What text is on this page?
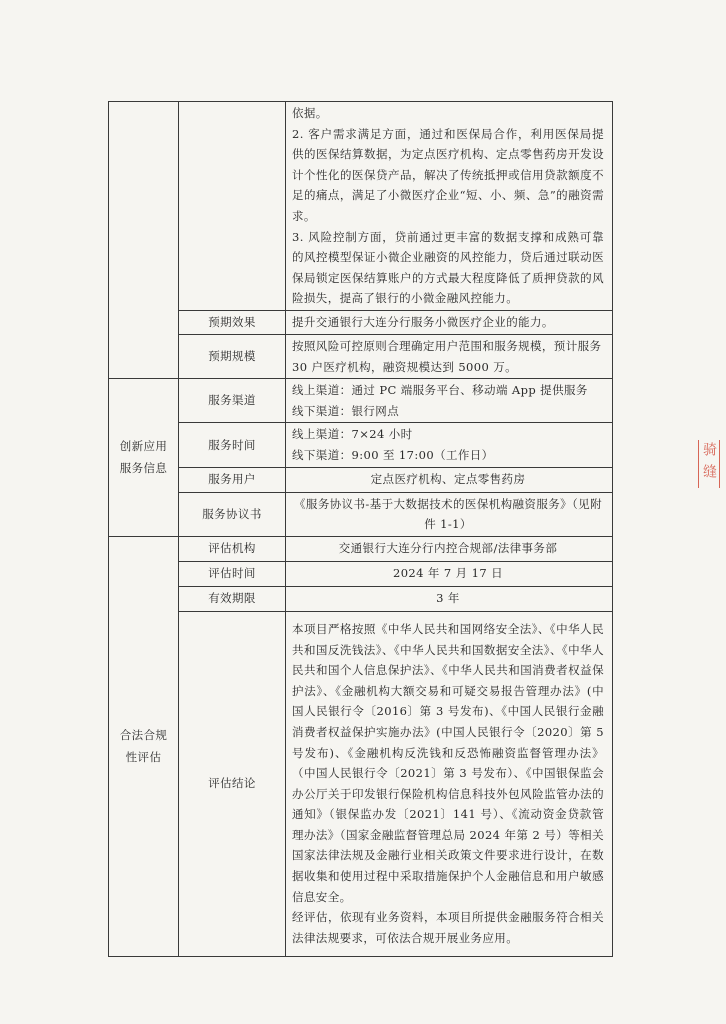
		依据。
2. 客户需求满足方面，通过和医保局合作，利用医保局提供的医保结算数据，为定点医疗机构、定点零售药房开发设计个性化的医保贷产品，解决了传统抵押或信用贷款额度不足的痛点，满足了小微医疗企业“短、小、频、急”的融资需求。
3. 风险控制方面，贷前通过更丰富的数据支撑和成熟可靠的风控模型保证小微企业融资的风控能力，贷后通过联动医保局锁定医保结算账户的方式最大程度降低了质押贷款的风险损失，提高了银行的小微金融风控能力。

	预期效果	提升交通银行大连分行服务小微医疗企业的能力。
	预期规模	按照风险可控原则合理确定用户范围和服务规模，预计服务 30 户医疗机构，融资规模达到 5000 万。
创新应用服务信息	服务渠道	线上渠道：通过 PC 端服务平台、移动端 App 提供服务
线下渠道：银行网点

	服务时间	线上渠道：7×24 小时
线下渠道：9:00 至 17:00（工作日）

	服务用户	定点医疗机构、定点零售药房
	服务协议书	《服务协议书-基于大数据技术的医保机构融资服务》（见附件 1-1）
合法合规性评估	评估机构	交通银行大连分行内控合规部/法律事务部
	评估时间	2024 年 7 月 17 日
	有效期限	3 年
	评估结论	本项目严格按照《中华人民共和国网络安全法》、《中华人民共和国反洗钱法》、《中华人民共和国数据安全法》、《中华人民共和国个人信息保护法》、《中华人民共和国消费者权益保护法》、《金融机构大额交易和可疑交易报告管理办法》(中国人民银行令〔2016〕第 3 号发布)、《中国人民银行金融消费者权益保护实施办法》(中国人民银行令〔2020〕第 5 号发布)、《金融机构反洗钱和反恐怖融资监督管理办法》（中国人民银行令〔2021〕第 3 号发布）、《中国银保监会办公厅关于印发银行保险机构信息科技外包风险监管办法的通知》（银保监办发〔2021〕141 号）、《流动资金贷款管理办法》（国家金融监督管理总局 2024 年第 2 号）等相关国家法律法规及金融行业相关政策文件要求进行设计，在数据收集和使用过程中采取措施保护个人金融信息和用户敏感信息安全。
经评估，依现有业务资料，本项目所提供金融服务符合相关法律法规要求，可依法合规开展业务应用。
骑缝
